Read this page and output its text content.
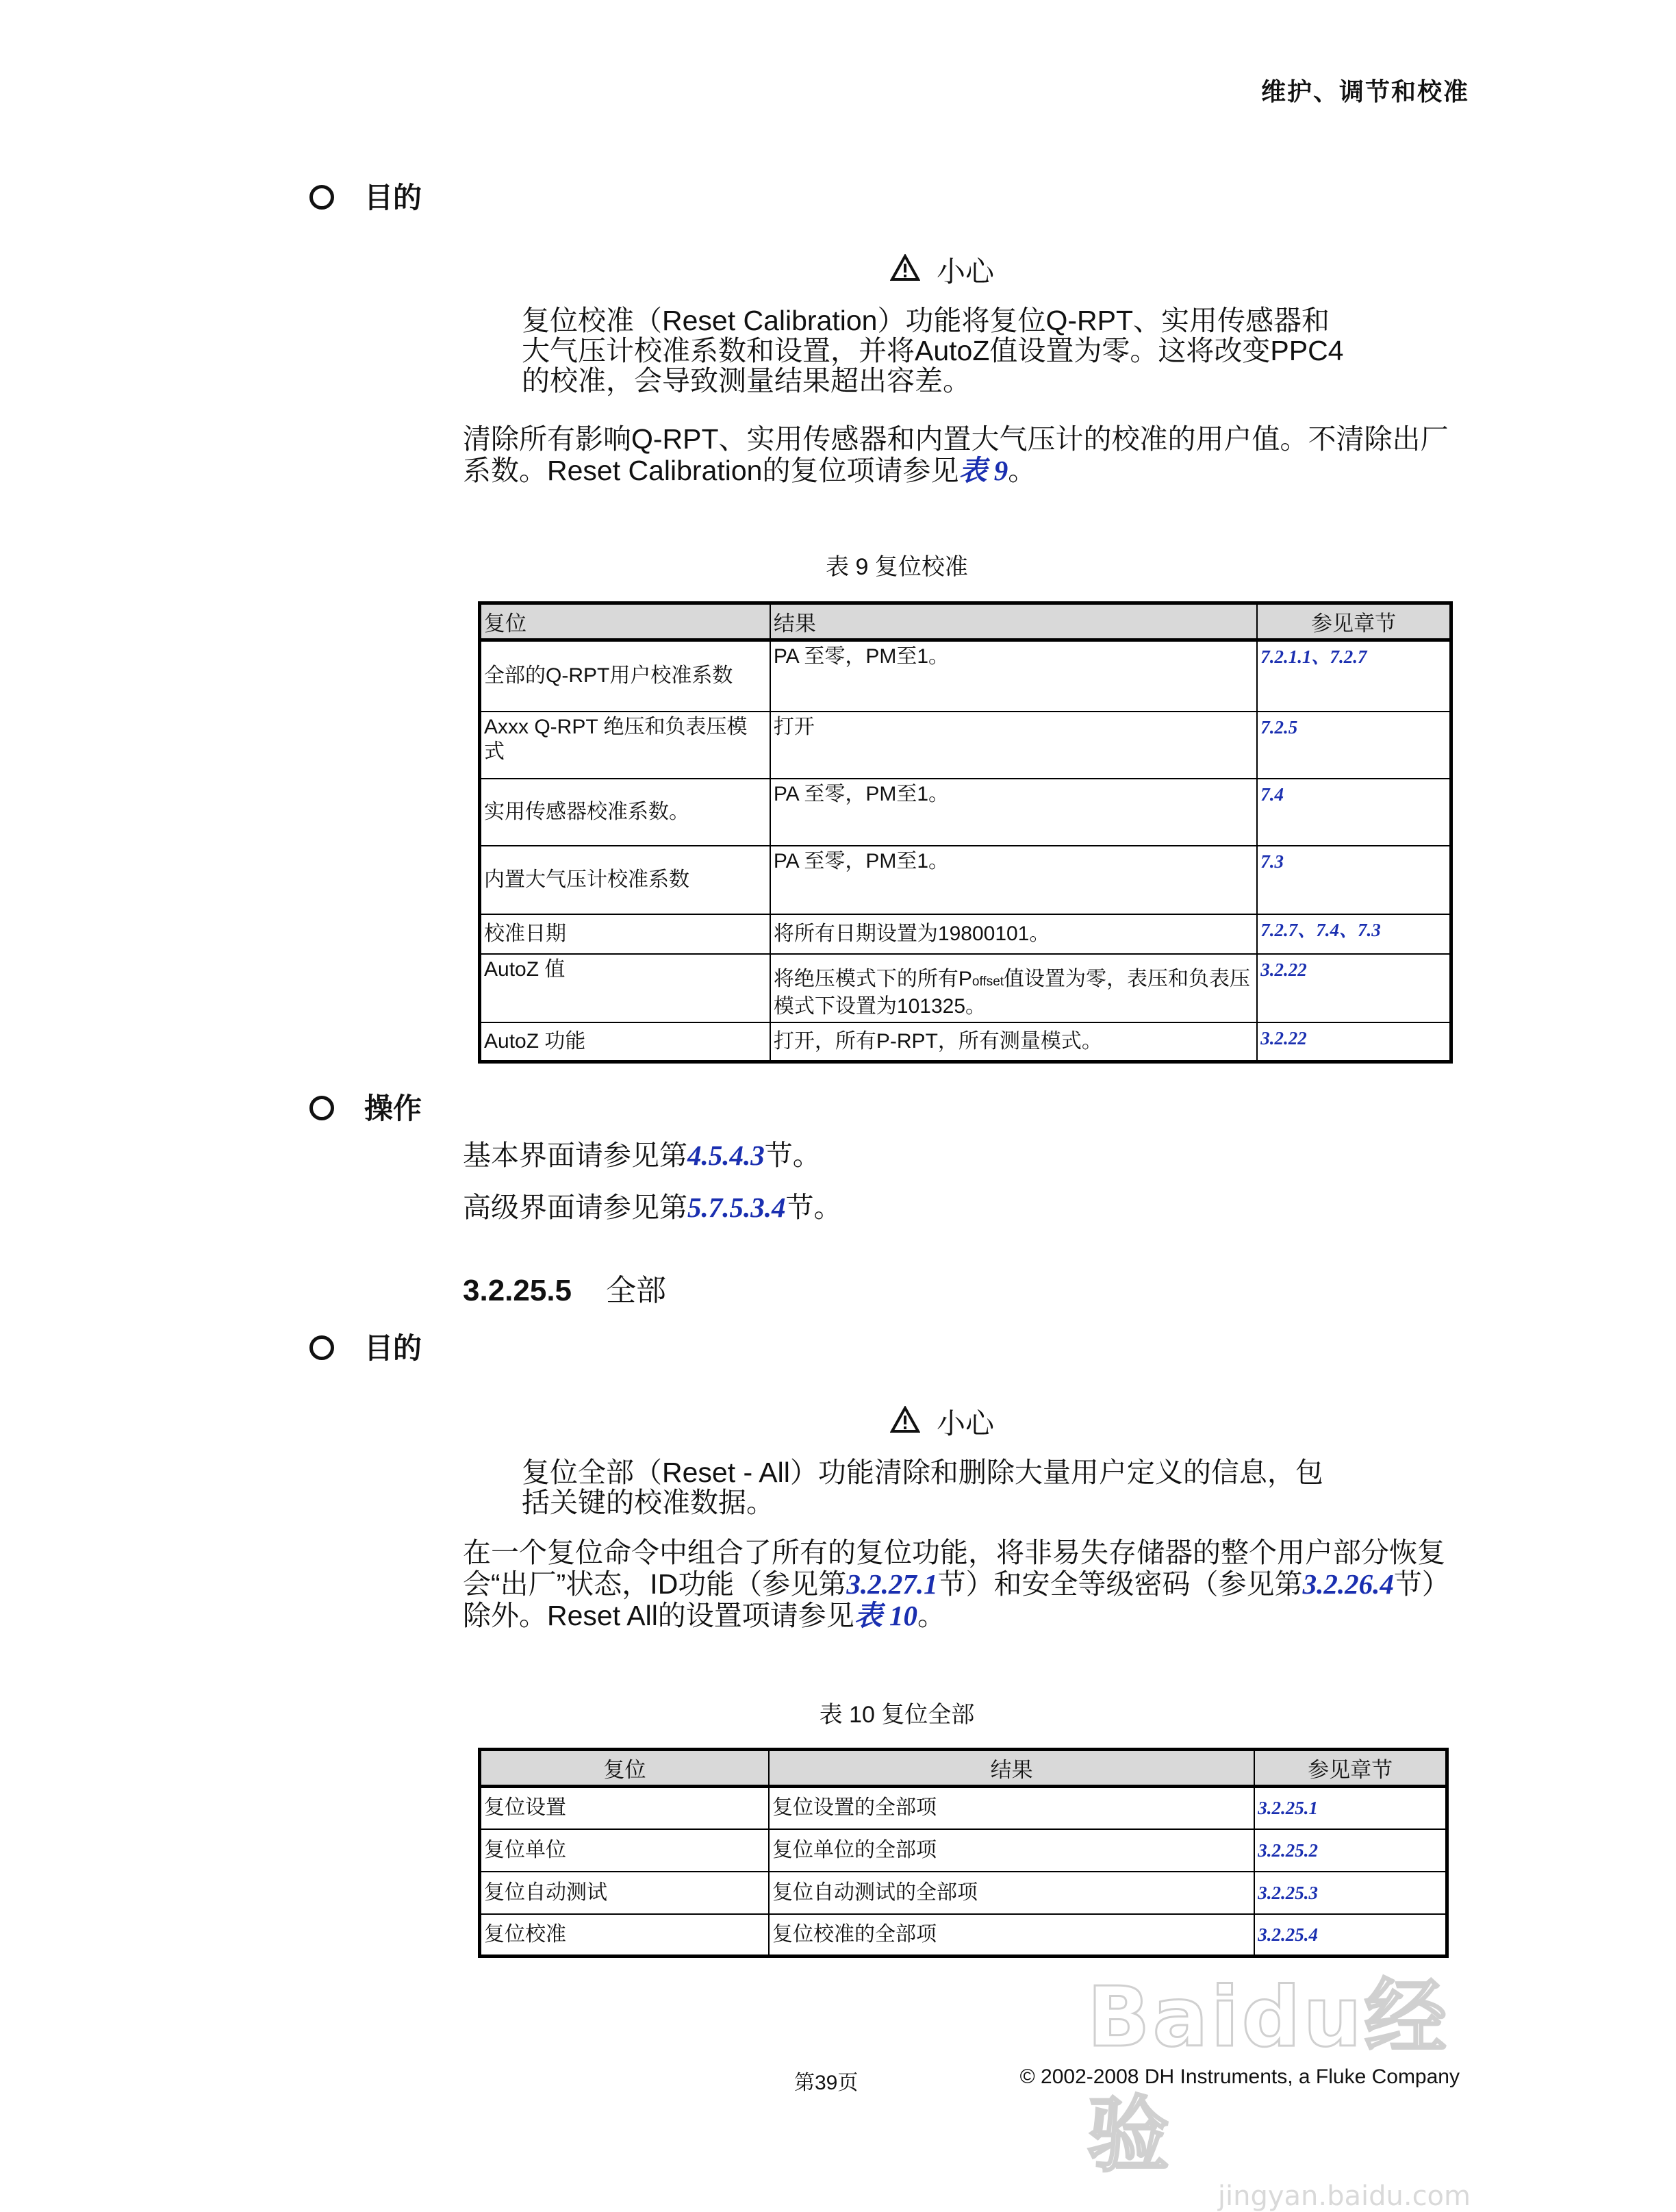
维护、调节和校准
目的
小心
复位校准（Reset Calibration）功能将复位Q-RPT、实用传感器和
大气压计校准系数和设置，并将AutoZ值设置为零。这将改变PPC4
的校准，会导致测量结果超出容差。
清除所有影响Q-RPT、实用传感器和内置大气压计的校准的用户值。不清除出厂
系数。Reset Calibration的复位项请参见表 9。
表 9 复位校准
复位	结果	参见章节
全部的Q-RPT用户校准系数	PA 至零，PM至1。	7.2.1.1、7.2.7
Axxx Q-RPT 绝压和负表压模式	打开	7.2.5
实用传感器校准系数。	PA 至零，PM至1。	7.4
内置大气压计校准系数	PA 至零，PM至1。	7.3
校准日期	将所有日期设置为19800101。	7.2.7、7.4、7.3
AutoZ 值	将绝压模式下的所有Poffset值设置为零，表压和负表压模式下设置为101325。	3.2.22
AutoZ 功能	打开，所有P-RPT，所有测量模式。	3.2.22
操作
基本界面请参见第4.5.4.3节。
高级界面请参见第5.7.5.3.4节。
3.2.25.5 全部
目的
小心
复位全部（Reset - All）功能清除和删除大量用户定义的信息，包
括关键的校准数据。
在一个复位命令中组合了所有的复位功能，将非易失存储器的整个用户部分恢复
会“出厂”状态，ID功能（参见第3.2.27.1节）和安全等级密码（参见第3.2.26.4节）
除外。Reset All的设置项请参见表 10。
表 10 复位全部
复位	结果	参见章节
复位设置	复位设置的全部项	3.2.25.1
复位单位	复位单位的全部项	3.2.25.2
复位自动测试	复位自动测试的全部项	3.2.25.3
复位校准	复位校准的全部项	3.2.25.4
Baidu经验
jingyan.baidu.com
第39页	© 2002-2008 DH Instruments, a Fluke Company
